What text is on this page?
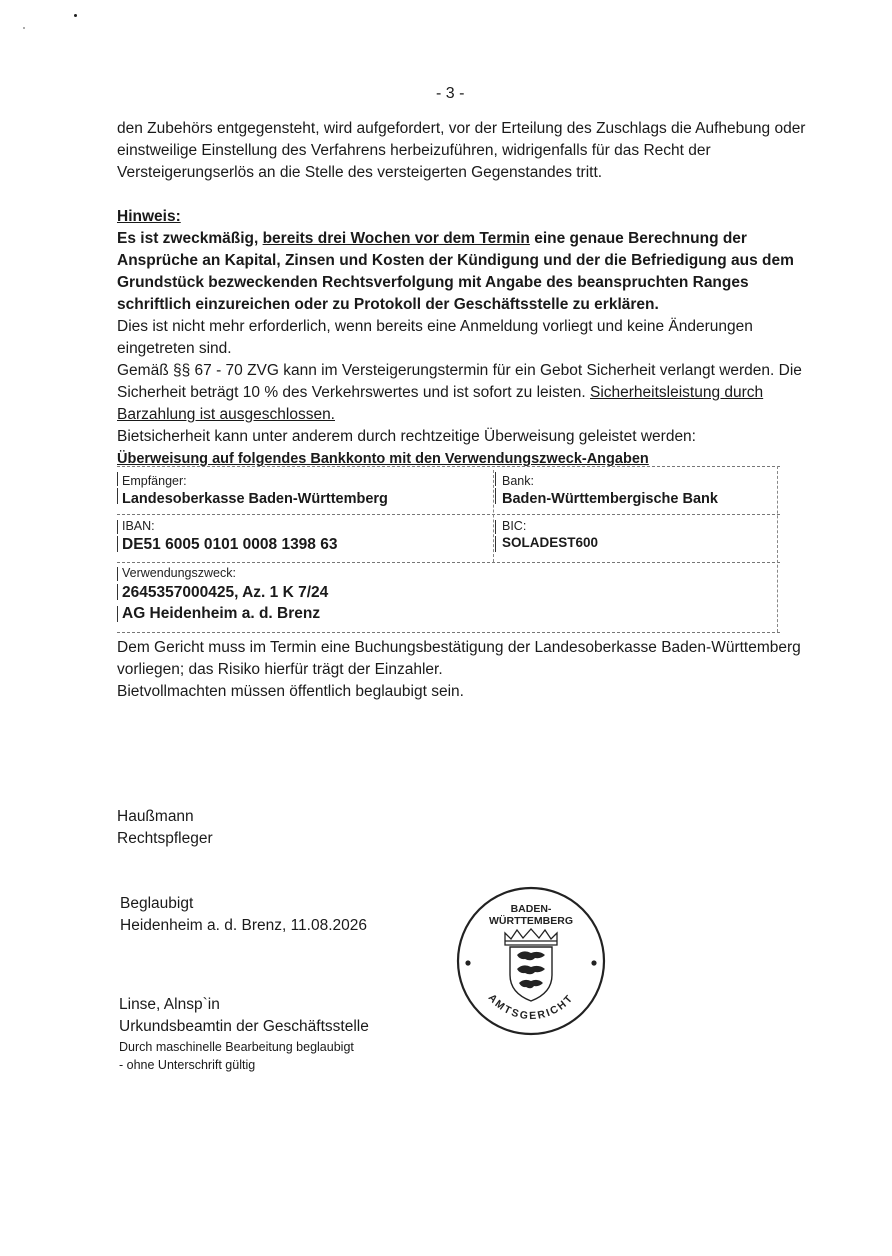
- 3 -

den Zubehörs entgegensteht, wird aufgefordert, vor der Erteilung des Zuschlags die Aufhebung oder einstweilige Einstellung des Verfahrens herbeizuführen, widrigenfalls für das Recht der Versteigerungserlös an die Stelle des versteigerten Gegenstandes tritt.

Hinweis:

Es ist zweckmäßig, bereits drei Wochen vor dem Termin eine genaue Berechnung der Ansprüche an Kapital, Zinsen und Kosten der Kündigung und der die Befriedigung aus dem Grundstück bezweckenden Rechtsverfolgung mit Angabe des beanspruchten Ranges schriftlich einzureichen oder zu Protokoll der Geschäftsstelle zu erklären.

Dies ist nicht mehr erforderlich, wenn bereits eine Anmeldung vorliegt und keine Änderungen eingetreten sind.

Gemäß §§ 67 - 70 ZVG kann im Versteigerungstermin für ein Gebot Sicherheit verlangt werden. Die Sicherheit beträgt 10 % des Verkehrswertes und ist sofort zu leisten. Sicherheitsleistung durch Barzahlung ist ausgeschlossen.

Bietsicherheit kann unter anderem durch rechtzeitige Überweisung geleistet werden:

Überweisung auf folgendes Bankkonto mit den Verwendungszweck-Angaben
Empfänger:
Landesoberkasse Baden-Württemberg
Bank:
Baden-Württembergische Bank
IBAN:
DE51 6005 0101 0008 1398 63
BIC:
SOLADEST600
Verwendungszweck:
2645357000425, Az. 1 K 7/24
AG Heidenheim a. d. Brenz
Dem Gericht muss im Termin eine Buchungsbestätigung der Landesoberkasse Baden-Württemberg vorliegen; das Risiko hierfür trägt der Einzahler.
Bietvollmachten müssen öffentlich beglaubigt sein.
Haußmann
Rechtspfleger
Beglaubigt
Heidenheim a. d. Brenz, 11.08.2026
Linse, Alnsp`in
Urkundsbeamtin der Geschäftsstelle
Durch maschinelle Bearbeitung beglaubigt
- ohne Unterschrift gültig
BADEN-
WÜRTTEMBERG
AMTSGERICHT
